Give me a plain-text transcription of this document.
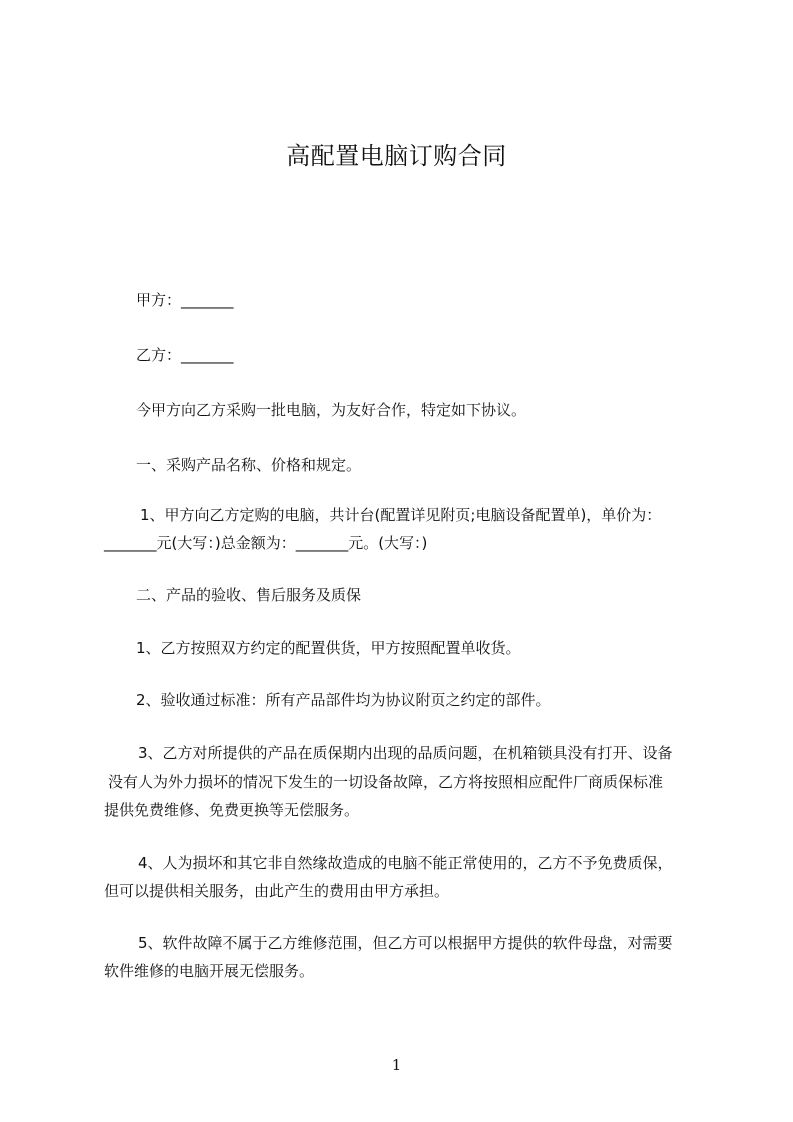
高配置电脑订购合同
甲方：_______
乙方：_______
今甲方向乙方采购一批电脑，为友好合作，特定如下协议。
一、采购产品名称、价格和规定。
1、甲方向乙方定购的电脑，共计台(配置详见附页;电脑设备配置单)，单价为：
_______元(大写：)总金额为：_______元。(大写：)
二、产品的验收、售后服务及质保
1、乙方按照双方约定的配置供货，甲方按照配置单收货。
2、验收通过标准：所有产品部件均为协议附页之约定的部件。
3、乙方对所提供的产品在质保期内出现的品质问题，在机箱锁具没有打开、设备
没有人为外力损坏的情况下发生的一切设备故障，乙方将按照相应配件厂商质保标准
提供免费维修、免费更换等无偿服务。
4、人为损坏和其它非自然缘故造成的电脑不能正常使用的，乙方不予免费质保，
但可以提供相关服务，由此产生的费用由甲方承担。
5、软件故障不属于乙方维修范围，但乙方可以根据甲方提供的软件母盘，对需要
软件维修的电脑开展无偿服务。
1
